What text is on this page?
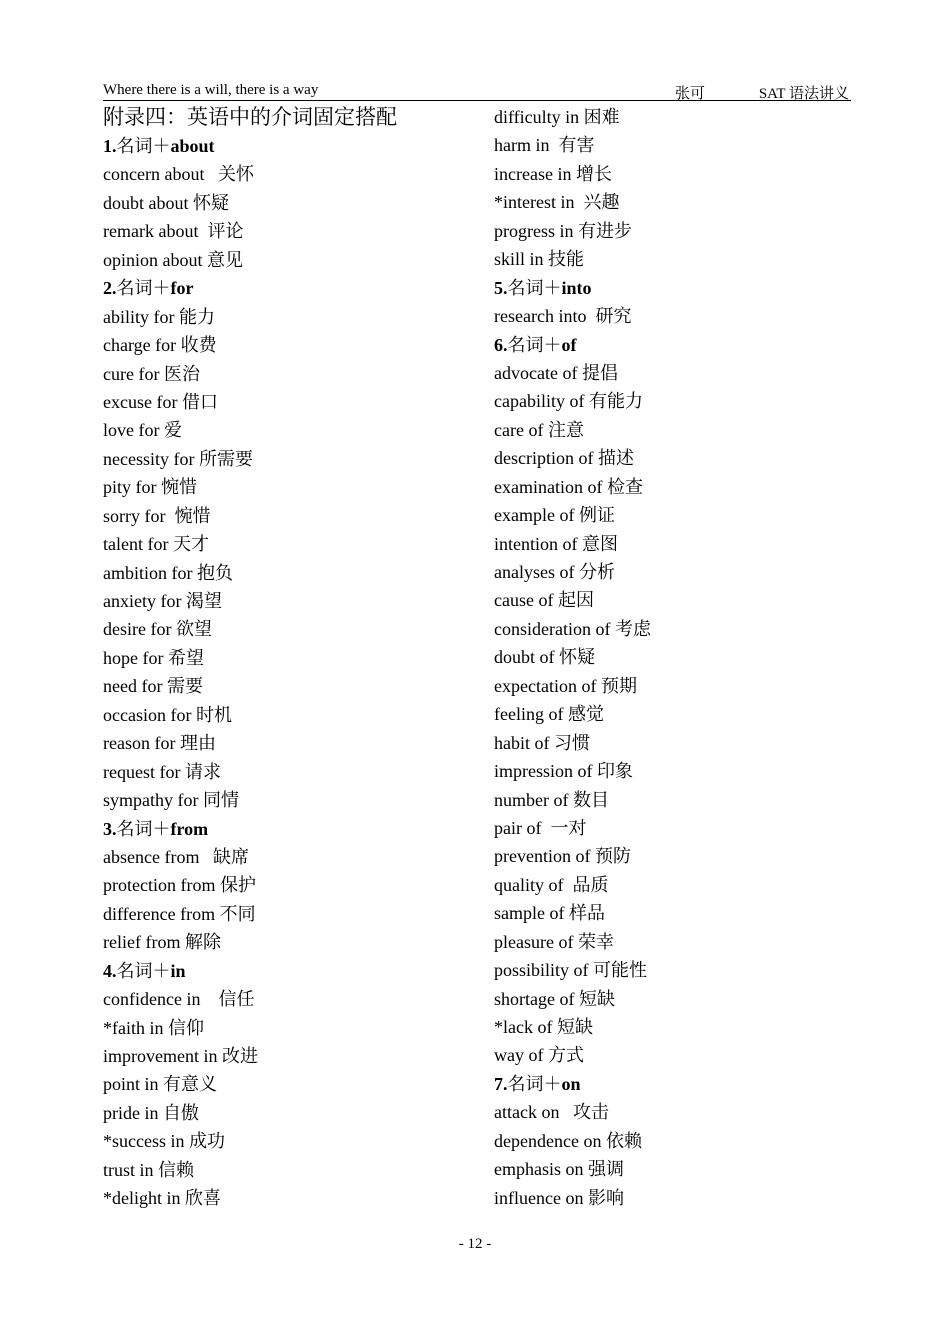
Where there is a will, there is a way	张可	SAT 语法讲义
附录四：英语中的介词固定搭配
1.名词＋about
concern about   关怀
doubt about 怀疑
remark about  评论
opinion about 意见
2.名词＋for
ability for 能力
charge for 收费
cure for 医治
excuse for 借口
love for 爱
necessity for 所需要
pity for 惋惜
sorry for  惋惜
talent for 天才
ambition for 抱负
anxiety for 渴望
desire for 欲望
hope for 希望
need for 需要
occasion for 时机
reason for 理由
request for 请求
sympathy for 同情
3.名词＋from
absence from   缺席
protection from 保护
difference from 不同
relief from 解除
4.名词＋in
confidence in    信任
*faith in 信仰
improvement in 改进
point in 有意义
pride in 自傲
*success in 成功
trust in 信赖
*delight in 欣喜
difficulty in 困难
harm in  有害
increase in 增长
*interest in  兴趣
progress in 有进步
skill in 技能
5.名词＋into
research into  研究
6.名词＋of
advocate of 提倡
capability of 有能力
care of 注意
description of 描述
examination of 检查
example of 例证
intention of 意图
analyses of 分析
cause of 起因
consideration of 考虑
doubt of 怀疑
expectation of 预期
feeling of 感觉
habit of 习惯
impression of 印象
number of 数目
pair of  一对
prevention of 预防
quality of  品质
sample of 样品
pleasure of 荣幸
possibility of 可能性
shortage of 短缺
*lack of 短缺
way of 方式
7.名词＋on
attack on   攻击
dependence on 依赖
emphasis on 强调
influence on 影响
- 12 -
